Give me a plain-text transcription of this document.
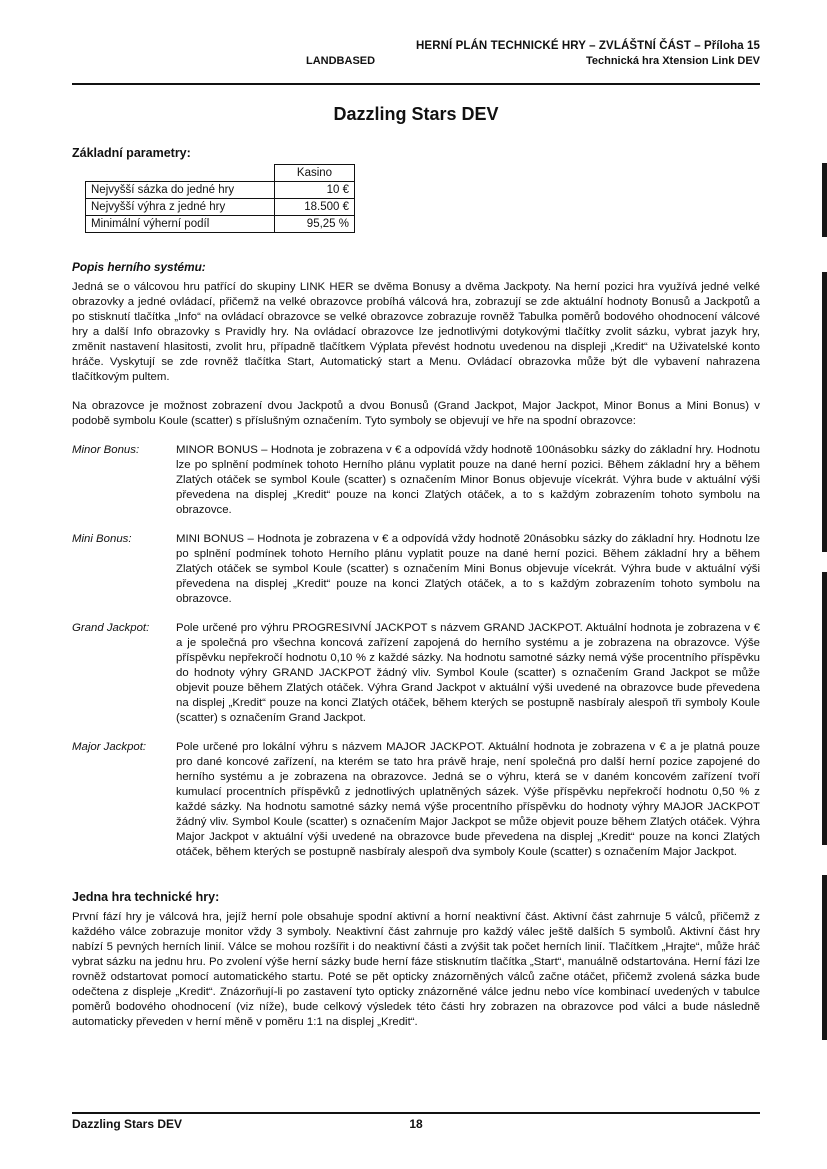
HERNÍ PLÁN TECHNICKÉ HRY – ZVLÁŠTNÍ ČÁST – Příloha 15
LANDBASED	Technická hra Xtension Link DEV
Dazzling Stars DEV
Základní parametry:
	Kasino
Nejvyšší sázka do jedné hry	10 €
Nejvyšší výhra z jedné hry	18.500 €
Minimální výherní podíl	95,25 %
Popis herního systému:

Jedná se o válcovou hru patřící do skupiny LINK HER se dvěma Bonusy a dvěma Jackpoty. Na herní pozici hra využívá jedné velké obrazovky a jedné ovládací, přičemž na velké obrazovce probíhá válcová hra, zobrazují se zde aktuální hodnoty Bonusů a Jackpotů a po stisknutí tlačítka „Info“ na ovládací obrazovce se velké obrazovce zobrazuje rovněž Tabulka poměrů bodového ohodnocení válcové hry a další Info obrazovky s Pravidly hry. Na ovládací obrazovce lze jednotlivými dotykovými tlačítky zvolit sázku, vybrat jazyk hry, změnit nastavení hlasitosti, zvolit hru, případně tlačítkem Výplata převést hodnotu uvedenou na displeji „Kredit“ na Uživatelské konto hráče. Vyskytují se zde rovněž tlačítka Start, Automatický start a Menu. Ovládací obrazovka může být dle vybavení nahrazena tlačítkovým pultem.

Na obrazovce je možnost zobrazení dvou Jackpotů a dvou Bonusů (Grand Jackpot, Major Jackpot, Minor Bonus a Mini Bonus) v podobě symbolu Koule (scatter) s příslušným označením. Tyto symboly se objevují ve hře na spodní obrazovce:

Minor Bonus:	MINOR BONUS – Hodnota je zobrazena v € a odpovídá vždy hodnotě 100násobku sázky do základní hry. Hodnotu lze po splnění podmínek tohoto Herního plánu vyplatit pouze na dané herní pozici. Během základní hry a během Zlatých otáček se symbol Koule (scatter) s označením Minor Bonus objevuje vícekrát. Výhra bude v aktuální výši převedena na displej „Kredit“ pouze na konci Zlatých otáček, a to s každým zobrazením tohoto symbolu na obrazovce.
Mini Bonus:	MINI BONUS – Hodnota je zobrazena v € a odpovídá vždy hodnotě 20násobku sázky do základní hry. Hodnotu lze po splnění podmínek tohoto Herního plánu vyplatit pouze na dané herní pozici. Během základní hry a během Zlatých otáček se symbol Koule (scatter) s označením Mini Bonus objevuje vícekrát. Výhra bude v aktuální výši převedena na displej „Kredit“ pouze na konci Zlatých otáček, a to s každým zobrazením tohoto symbolu na obrazovce.
Grand Jackpot:	Pole určené pro výhru PROGRESIVNÍ JACKPOT s názvem GRAND JACKPOT. Aktuální hodnota je zobrazena v € a je společná pro všechna koncová zařízení zapojená do herního systému a je zobrazena na obrazovce. Výše příspěvku nepřekročí hodnotu 0,10 % z každé sázky. Na hodnotu samotné sázky nemá výše procentního příspěvku do hodnoty výhry GRAND JACKPOT žádný vliv. Symbol Koule (scatter) s označením Grand Jackpot se může objevit pouze během Zlatých otáček. Výhra Grand Jackpot v aktuální výši uvedené na obrazovce bude převedena na displej „Kredit“ pouze na konci Zlatých otáček, během kterých se postupně nasbíraly alespoň tři symboly Koule (scatter) s označením Grand Jackpot.
Major Jackpot:	Pole určené pro lokální výhru s názvem MAJOR JACKPOT. Aktuální hodnota je zobrazena v € a je platná pouze pro dané koncové zařízení, na kterém se tato hra právě hraje, není společná pro další herní pozice zapojené do herního systému a je zobrazena na obrazovce. Jedná se o výhru, která se v daném koncovém zařízení tvoří kumulací procentních příspěvků z jednotlivých uplatněných sázek. Výše příspěvku nepřekročí hodnotu 0,50 % z každé sázky. Na hodnotu samotné sázky nemá výše procentního příspěvku do hodnoty výhry MAJOR JACKPOT žádný vliv. Symbol Koule (scatter) s označením Major Jackpot se může objevit pouze během Zlatých otáček. Výhra Major Jackpot v aktuální výši uvedené na obrazovce bude převedena na displej „Kredit“ pouze na konci Zlatých otáček, během kterých se postupně nasbíraly alespoň dva symboly Koule (scatter) s označením Major Jackpot.
Jedna hra technické hry:

První fází hry je válcová hra, jejíž herní pole obsahuje spodní aktivní a horní neaktivní část. Aktivní část zahrnuje 5 válců, přičemž z každého válce zobrazuje monitor vždy 3 symboly. Neaktivní část zahrnuje pro každý válec ještě dalších 5 symbolů. Aktivní část hry nabízí 5 pevných herních linií. Válce se mohou rozšířit i do neaktivní části a zvýšit tak počet herních linií. Tlačítkem „Hrajte“, může hráč vybrat sázku na jednu hru. Po zvolení výše herní sázky bude herní fáze stisknutím tlačítka „Start“, manuálně odstartována. Herní fázi lze rovněž odstartovat pomocí automatického startu. Poté se pět opticky znázorněných válců začne otáčet, přičemž zvolená sázka bude odečtena z displeje „Kredit“. Znázorňují-li po zastavení tyto opticky znázorněné válce jednu nebo více kombinací uvedených v tabulce poměrů bodového ohodnocení (viz níže), bude celkový výsledek této části hry zobrazen na obrazovce pod válci a bude následně automaticky převeden v herní měně v poměru 1:1 na displej „Kredit“.

Dazzling Stars DEV	18
